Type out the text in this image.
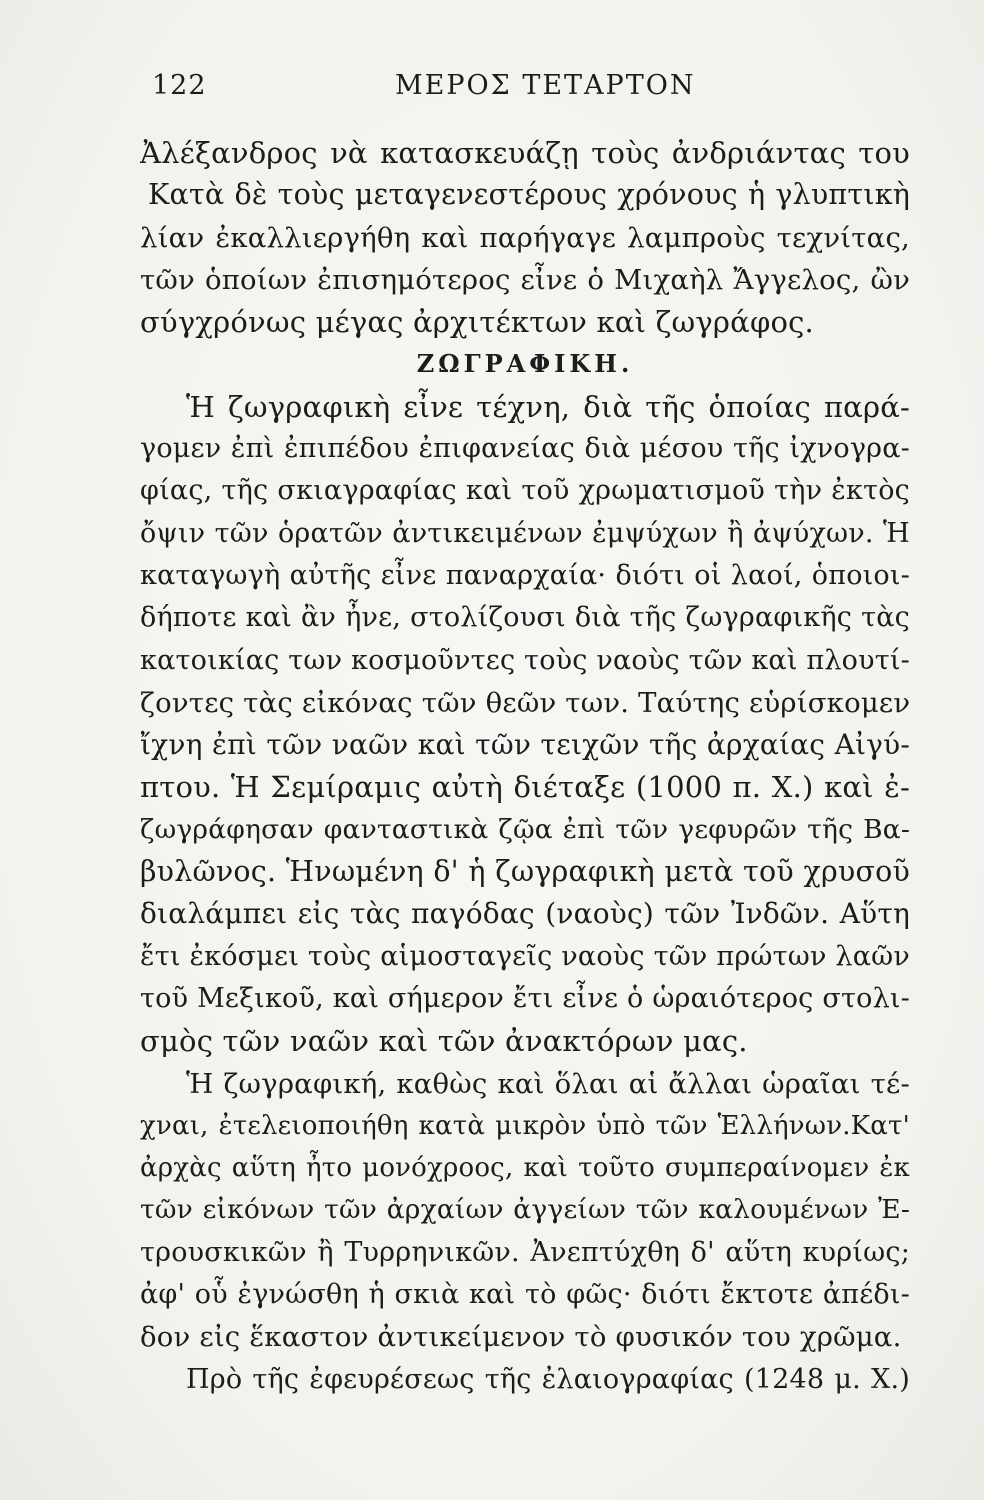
122	ΜΕΡΟΣ ΤΕΤΑΡΤΟΝ
Ἀλέξανδρος νὰ κατασκευάζῃ τοὺς ἀνδριάντας του
Κατὰ δὲ τοὺς μεταγενεστέρους χρόνους ἡ γλυπτικὴ
λίαν ἐκαλλιεργήθη καὶ παρήγαγε λαμπροὺς τεχνίτας,
τῶν ὁποίων ἐπισημότερος εἶνε ὁ Μιχαὴλ Ἄγγελος, ὢν
σύγχρόνως μέγας ἀρχιτέκτων καὶ ζωγράφος.
ΖΩΓΡΑΦΙΚΗ.
Ἡ ζωγραφικὴ εἶνε τέχνη, διὰ τῆς ὁποίας παρά-
γομεν ἐπὶ ἐπιπέδου ἐπιφανείας διὰ μέσου τῆς ἰχνογρα-
φίας, τῆς σκιαγραφίας καὶ τοῦ χρωματισμοῦ τὴν ἐκτὸς
ὄψιν τῶν ὁρατῶν ἀντικειμένων ἐμψύχων ἢ ἀψύχων. Ἡ
καταγωγὴ αὐτῆς εἶνε παναρχαία· διότι οἱ λαοί, ὁποιοι-
δήποτε καὶ ἂν ἦνε, στολίζουσι διὰ τῆς ζωγραφικῆς τὰς
κατοικίας των κοσμοῦντες τοὺς ναοὺς τῶν καὶ πλουτί-
ζοντες τὰς εἰκόνας τῶν θεῶν των. Ταύτης εὑρίσκομεν
ἴχνη ἐπὶ τῶν ναῶν καὶ τῶν τειχῶν τῆς ἀρχαίας Αἰγύ-
πτου. Ἡ Σεμίραμις αὐτὴ διέταξε (1000 π. Χ.) καὶ ἐ-
ζωγράφησαν φανταστικὰ ζῷα ἐπὶ τῶν γεφυρῶν τῆς Βα-
βυλῶνος. Ἡνωμένη δ' ἡ ζωγραφικὴ μετὰ τοῦ χρυσοῦ
διαλάμπει εἰς τὰς παγόδας (ναοὺς) τῶν Ἰνδῶν. Αὕτη
ἔτι ἐκόσμει τοὺς αἱμοσταγεῖς ναοὺς τῶν πρώτων λαῶν
τοῦ Μεξικοῦ, καὶ σήμερον ἔτι εἶνε ὁ ὡραιότερος στολι-
σμὸς τῶν ναῶν καὶ τῶν ἀνακτόρων μας.
Ἡ ζωγραφική, καθὼς καὶ ὅλαι αἱ ἄλλαι ὡραῖαι τέ-
χναι, ἐτελειοποιήθη κατὰ μικρὸν ὑπὸ τῶν Ἑλλήνων.Κατ'
ἀρχὰς αὕτη ἦτο μονόχροος, καὶ τοῦτο συμπεραίνομεν ἐκ
τῶν εἰκόνων τῶν ἀρχαίων ἀγγείων τῶν καλουμένων Ἐ-
τρουσκικῶν ἢ Τυρρηνικῶν. Ἀνεπτύχθη δ' αὕτη κυρίως;
ἀφ' οὗ ἐγνώσθη ἡ σκιὰ καὶ τὸ φῶς· διότι ἔκτοτε ἀπέδι-
δον εἰς ἕκαστον ἀντικείμενον τὸ φυσικόν του χρῶμα.
Πρὸ τῆς ἐφευρέσεως τῆς ἐλαιογραφίας (1248 μ. Χ.)
